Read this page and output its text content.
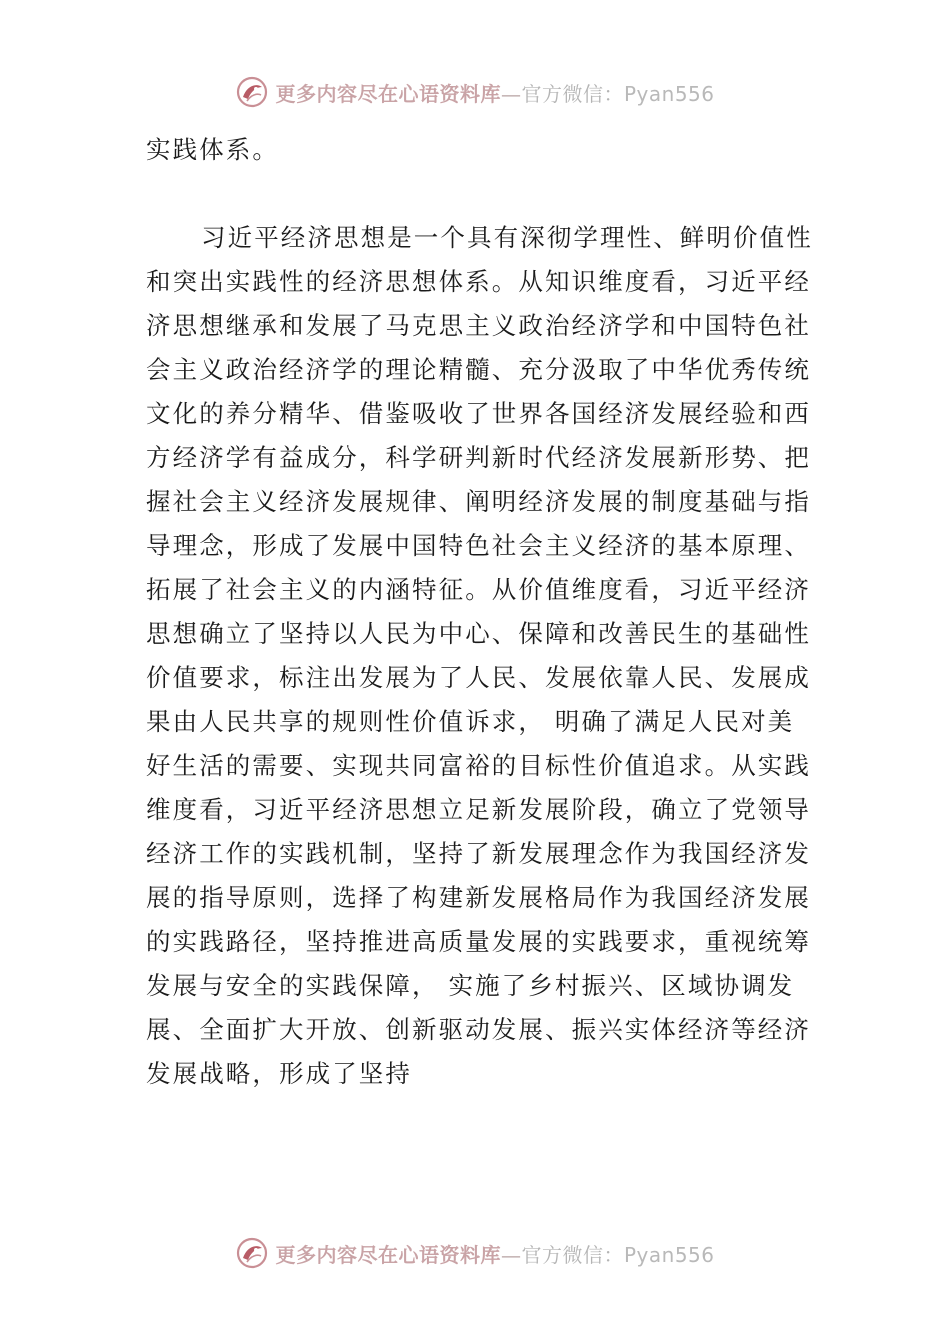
更多内容尽在心语资料库—官方微信：Pyan556

实践体系。

习近平经济思想是一个具有深彻学理性、鲜明价值性
和突出实践性的经济思想体系。从知识维度看，习近平经
济思想继承和发展了马克思主义政治经济学和中国特色社
会主义政治经济学的理论精髓、充分汲取了中华优秀传统
文化的养分精华、借鉴吸收了世界各国经济发展经验和西
方经济学有益成分，科学研判新时代经济发展新形势、把
握社会主义经济发展规律、阐明经济发展的制度基础与指
导理念，形成了发展中国特色社会主义经济的基本原理、
拓展了社会主义的内涵特征。从价值维度看，习近平经济
思想确立了坚持以人民为中心、保障和改善民生的基础性
价值要求，标注出发展为了人民、发展依靠人民、发展成
果由人民共享的规则性价值诉求， 明确了满足人民对美
好生活的需要、实现共同富裕的目标性价值追求。从实践
维度看，习近平经济思想立足新发展阶段，确立了党领导
经济工作的实践机制，坚持了新发展理念作为我国经济发
展的指导原则，选择了构建新发展格局作为我国经济发展
的实践路径，坚持推进高质量发展的实践要求，重视统筹
发展与安全的实践保障， 实施了乡村振兴、区域协调发
展、全面扩大开放、创新驱动发展、振兴实体经济等经济
发展战略，形成了坚持

更多内容尽在心语资料库—官方微信：Pyan556
